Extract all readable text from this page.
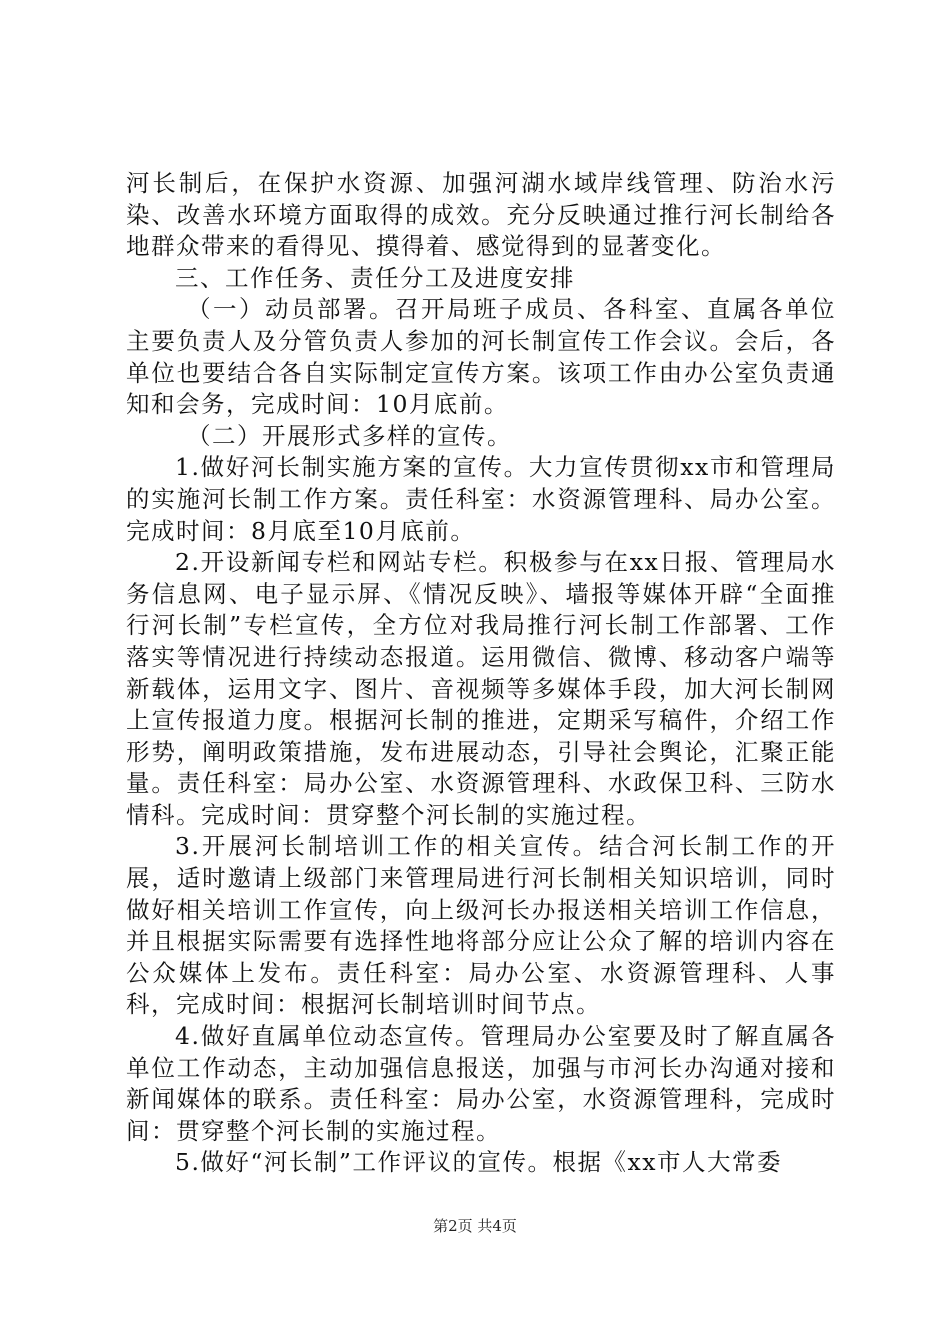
河长制后，在保护水资源、加强河湖水域岸线管理、防治水污染、改善水环境方面取得的成效。充分反映通过推行河长制给各地群众带来的看得见、摸得着、感觉得到的显著变化。

三、工作任务、责任分工及进度安排

（一）动员部署。召开局班子成员、各科室、直属各单位主要负责人及分管负责人参加的河长制宣传工作会议。会后，各单位也要结合各自实际制定宣传方案。该项工作由办公室负责通知和会务，完成时间：10月底前。

（二）开展形式多样的宣传。

1.做好河长制实施方案的宣传。大力宣传贯彻xx市和管理局的实施河长制工作方案。责任科室：水资源管理科、局办公室。完成时间：8月底至10月底前。

2.开设新闻专栏和网站专栏。积极参与在xx日报、管理局水务信息网、电子显示屏、《情况反映》、墙报等媒体开辟“全面推行河长制”专栏宣传，全方位对我局推行河长制工作部署、工作落实等情况进行持续动态报道。运用微信、微博、移动客户端等新载体，运用文字、图片、音视频等多媒体手段，加大河长制网上宣传报道力度。根据河长制的推进，定期采写稿件，介绍工作形势，阐明政策措施，发布进展动态，引导社会舆论，汇聚正能量。责任科室：局办公室、水资源管理科、水政保卫科、三防水情科。完成时间：贯穿整个河长制的实施过程。

3.开展河长制培训工作的相关宣传。结合河长制工作的开展，适时邀请上级部门来管理局进行河长制相关知识培训，同时做好相关培训工作宣传，向上级河长办报送相关培训工作信息，并且根据实际需要有选择性地将部分应让公众了解的培训内容在公众媒体上发布。责任科室：局办公室、水资源管理科、人事科，完成时间：根据河长制培训时间节点。

4.做好直属单位动态宣传。管理局办公室要及时了解直属各单位工作动态，主动加强信息报送，加强与市河长办沟通对接和新闻媒体的联系。责任科室：局办公室，水资源管理科，完成时间：贯穿整个河长制的实施过程。

5.做好“河长制”工作评议的宣传。根据《xx市人大常委

第2页 共4页
